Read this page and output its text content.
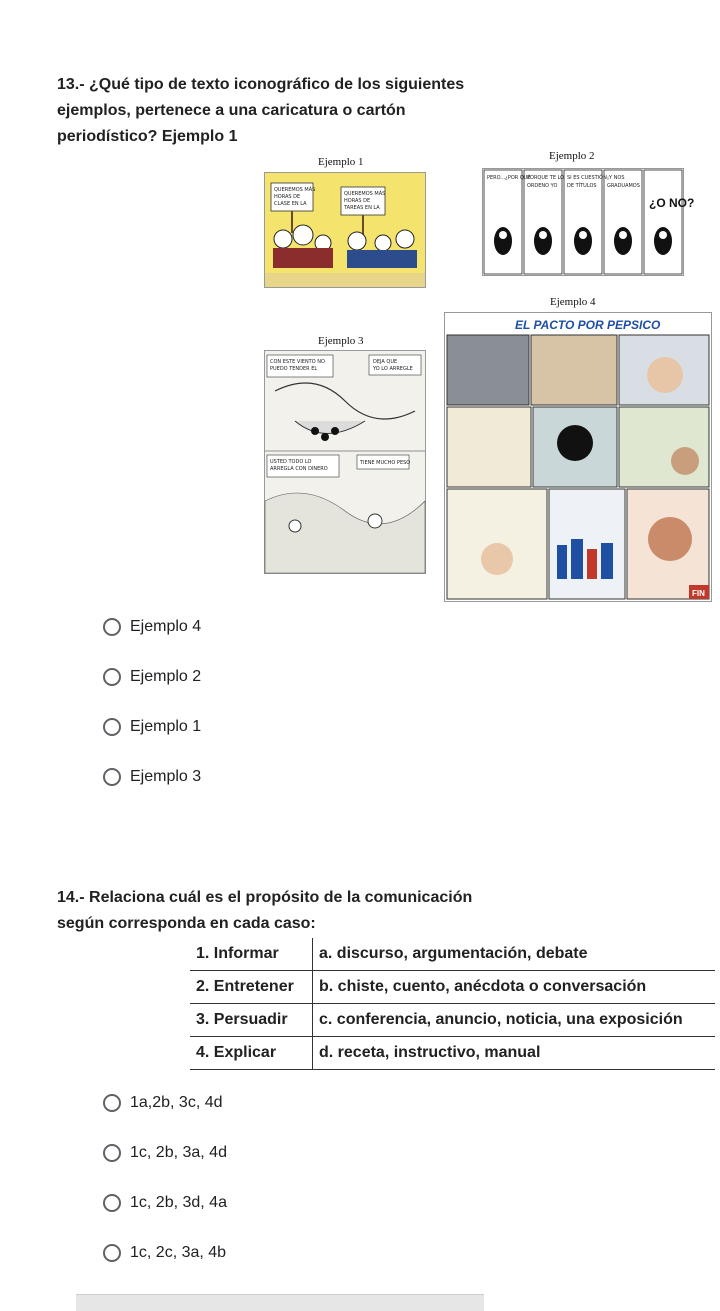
13.- ¿Qué tipo de texto iconográfico de los siguientes ejemplos, pertenece a una caricatura o cartón periodístico? Ejemplo 1
Ejemplo 1	Ejemplo 2
Ejemplo 3
Ejemplo 4
QUEREMOS MÁS
HORAS DE
CLASE EN LA
QUEREMOS MÁS
HORAS DE
TAREAS EN LA
PERO...¿POR QUÉ
PORQUE TE LO
ORDENO YO
SI ES CUESTIÓN
DE TÍTULOS
¡Y NOS
GRADUAMOS
¿O NO?
CON ESTE VIENTO NO
PUEDO TENDER EL
DEJA QUE
YO LO ARREGLE
USTED TODO LO
ARREGLA CON DINERO
TIENE MUCHO PESO
EL PACTO POR PEPSICO
FIN
Ejemplo 4
Ejemplo 2
Ejemplo 1
Ejemplo 3
14.- Relaciona cuál es el propósito de la comunicación según corresponda en cada caso:
1. Informar	a. discurso, argumentación, debate
2. Entretener	b. chiste, cuento, anécdota o conversación
3. Persuadir	c. conferencia, anuncio, noticia, una exposición
4. Explicar	d. receta, instructivo, manual
1a,2b, 3c, 4d
1c, 2b, 3a, 4d
1c, 2b, 3d, 4a
1c, 2c, 3a, 4b
